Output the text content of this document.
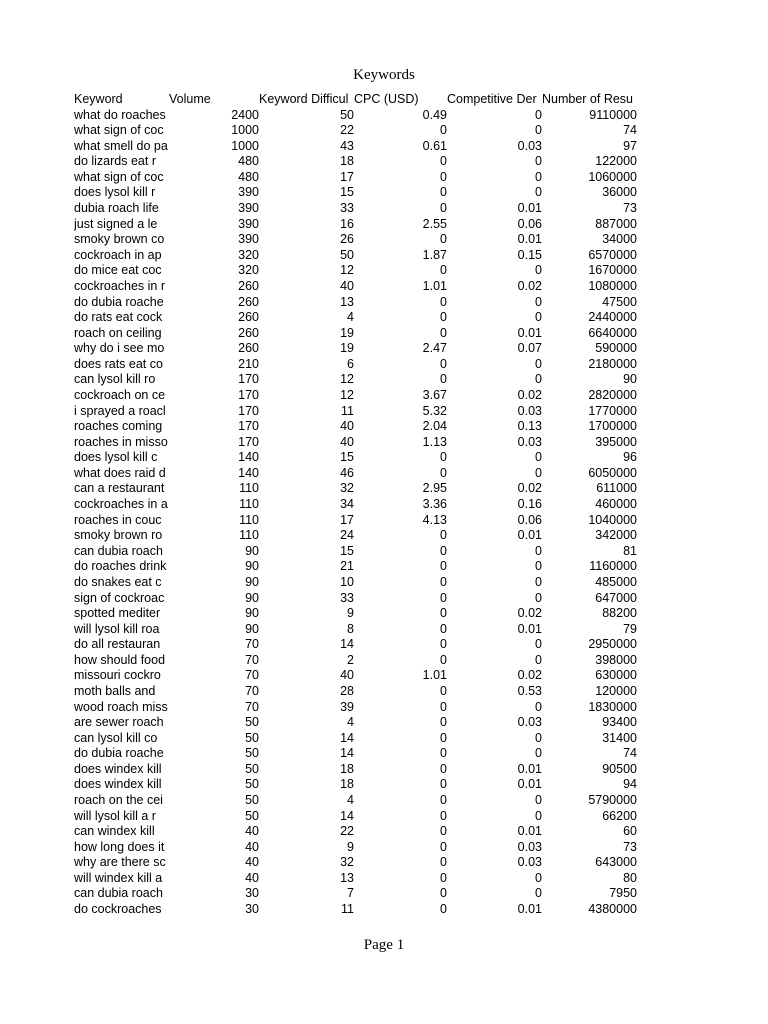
Keywords
Keyword	Volume	Keyword Difficul	CPC (USD)	Competitive Der	Number of Resu
what do roaches	2400	50	0.49	0	9110000
what sign of coc	1000	22	0	0	74
what smell do pa	1000	43	0.61	0.03	97
do lizards eat r	480	18	0	0	122000
what sign of coc	480	17	0	0	1060000
does lysol kill r	390	15	0	0	36000
dubia roach life	390	33	0	0.01	73
just signed a le	390	16	2.55	0.06	887000
smoky brown co	390	26	0	0.01	34000
cockroach in ap	320	50	1.87	0.15	6570000
do mice eat coc	320	12	0	0	1670000
cockroaches in r	260	40	1.01	0.02	1080000
do dubia roache	260	13	0	0	47500
do rats eat cock	260	4	0	0	2440000
roach on ceiling	260	19	0	0.01	6640000
why do i see mo	260	19	2.47	0.07	590000
does rats eat co	210	6	0	0	2180000
can lysol kill ro	170	12	0	0	90
cockroach on ce	170	12	3.67	0.02	2820000
i sprayed a roacl	170	11	5.32	0.03	1770000
roaches coming	170	40	2.04	0.13	1700000
roaches in misso	170	40	1.13	0.03	395000
does lysol kill c	140	15	0	0	96
what does raid d	140	46	0	0	6050000
can a restaurant	110	32	2.95	0.02	611000
cockroaches in a	110	34	3.36	0.16	460000
roaches in couc	110	17	4.13	0.06	1040000
smoky brown ro	110	24	0	0.01	342000
can dubia roach	90	15	0	0	81
do roaches drink	90	21	0	0	1160000
do snakes eat c	90	10	0	0	485000
sign of cockroac	90	33	0	0	647000
spotted mediter	90	9	0	0.02	88200
will lysol kill roa	90	8	0	0.01	79
do all restauran	70	14	0	0	2950000
how should food	70	2	0	0	398000
missouri cockro	70	40	1.01	0.02	630000
moth balls and	70	28	0	0.53	120000
wood roach miss	70	39	0	0	1830000
are sewer roach	50	4	0	0.03	93400
can lysol kill co	50	14	0	0	31400
do dubia roache	50	14	0	0	74
does windex kill	50	18	0	0.01	90500
does windex kill	50	18	0	0.01	94
roach on the cei	50	4	0	0	5790000
will lysol kill a r	50	14	0	0	66200
can windex kill	40	22	0	0.01	60
how long does it	40	9	0	0.03	73
why are there sc	40	32	0	0.03	643000
will windex kill a	40	13	0	0	80
can dubia roach	30	7	0	0	7950
do cockroaches	30	11	0	0.01	4380000
Page 1
